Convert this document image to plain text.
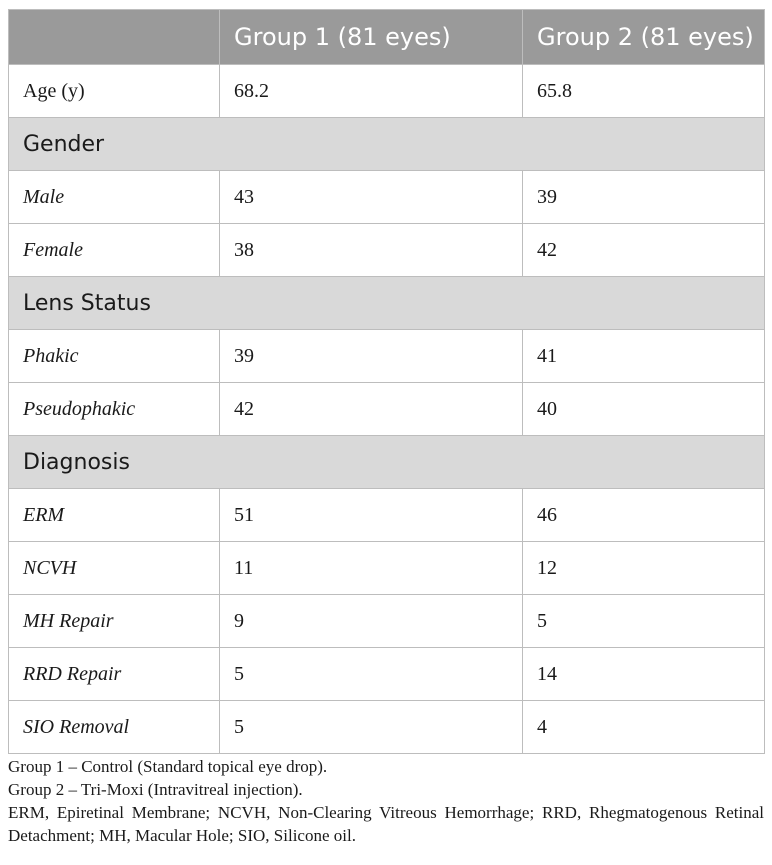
	Group 1 (81 eyes)	Group 2 (81 eyes)
Age (y)	68.2	65.8
Gender		
Male	43	39
Female	38	42
Lens Status		
Phakic	39	41
Pseudophakic	42	40
Diagnosis		
ERM	51	46
NCVH	11	12
MH Repair	9	5
RRD Repair	5	14
SIO Removal	5	4

Group 1 – Control (Standard topical eye drop).

Group 2 – Tri-Moxi (Intravitreal injection).

ERM, Epiretinal Membrane; NCVH, Non-Clearing Vitreous Hemorrhage; RRD, Rhegmatogenous Retinal Detachment; MH, Macular Hole; SIO, Silicone oil.
